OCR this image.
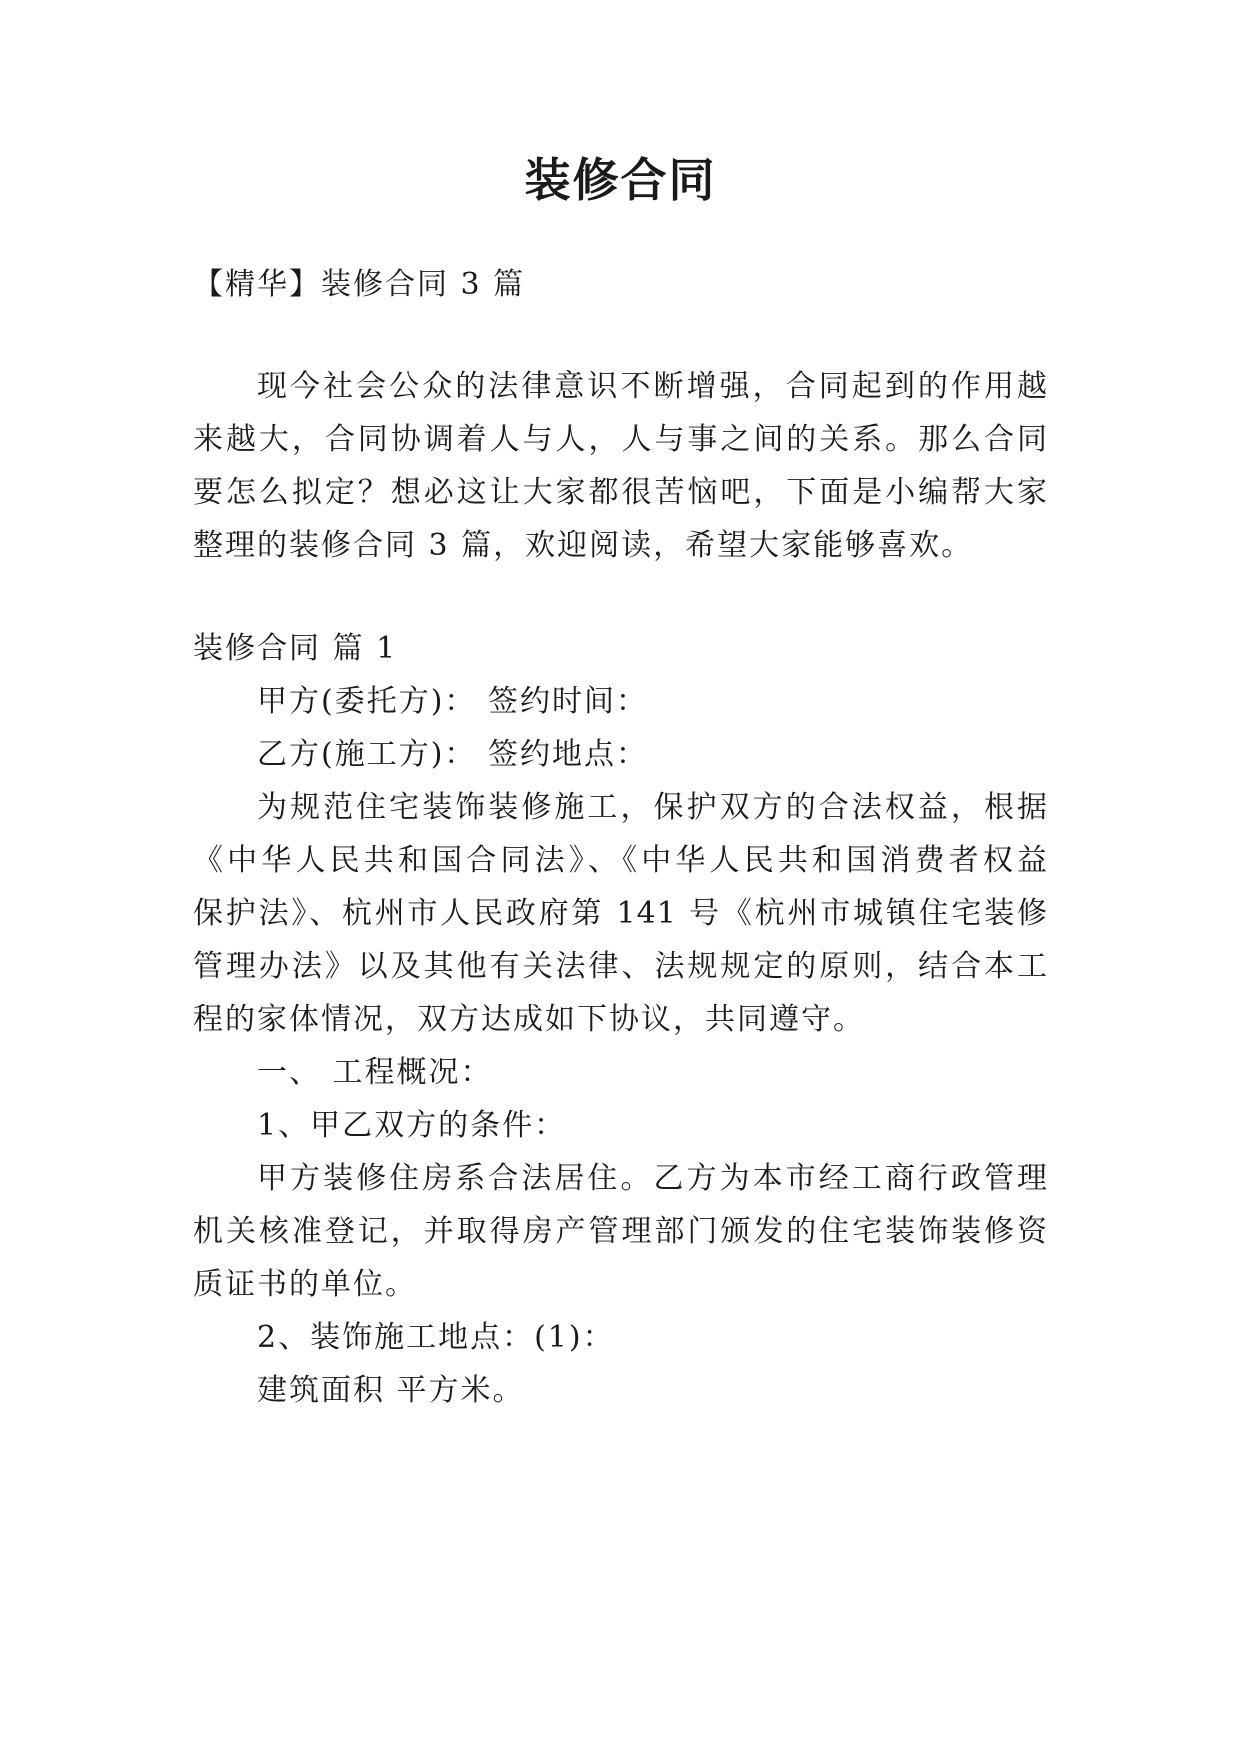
装修合同
【精华】装修合同 3 篇
现今社会公众的法律意识不断增强，合同起到的作用越
来越大，合同协调着人与人，人与事之间的关系。那么合同
要怎么拟定？想必这让大家都很苦恼吧，下面是小编帮大家
整理的装修合同 3 篇，欢迎阅读，希望大家能够喜欢。
装修合同 篇 1
甲方(委托方)： 签约时间：
乙方(施工方)： 签约地点：
为规范住宅装饰装修施工，保护双方的合法权益，根据
《中华人民共和国合同法》、《中华人民共和国消费者权益
保护法》、杭州市人民政府第 141 号《杭州市城镇住宅装修
管理办法》以及其他有关法律、法规规定的原则，结合本工
程的家体情况，双方达成如下协议，共同遵守。
一、 工程概况：
1、甲乙双方的条件：
甲方装修住房系合法居住。乙方为本市经工商行政管理
机关核准登记，并取得房产管理部门颁发的住宅装饰装修资
质证书的单位。
2、装饰施工地点：(1)：
建筑面积 平方米。
